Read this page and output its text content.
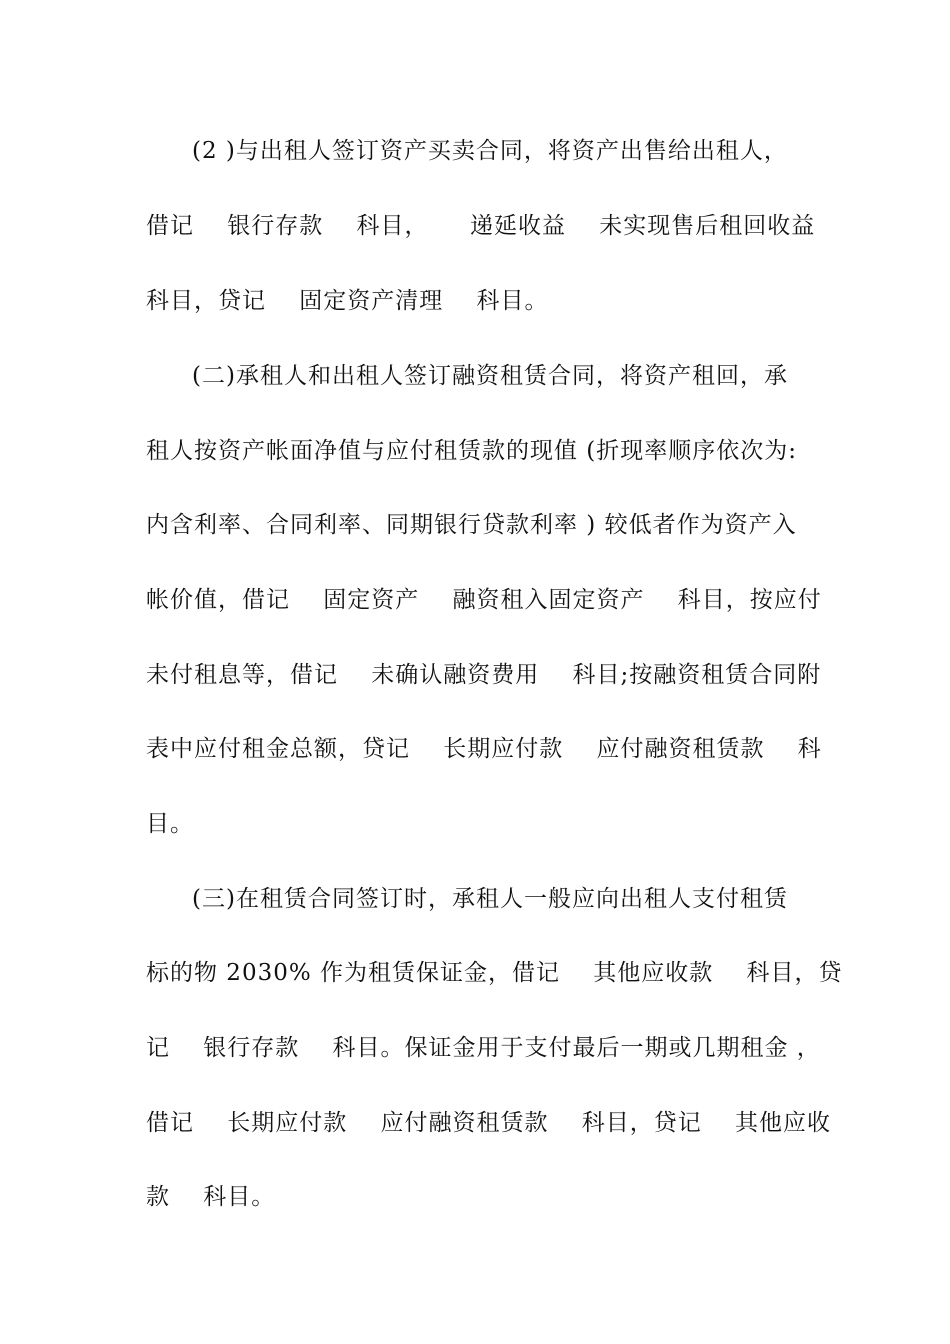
(2 )与出租人签订资产买卖合同，将资产出售给出租人，
借记    银行存款    科目，     递延收益    未实现售后租回收益
科目，贷记    固定资产清理    科目。
(二)承租人和出租人签订融资租赁合同，将资产租回，承
租人按资产帐面净值与应付租赁款的现值 (折现率顺序依次为:
内含利率、合同利率、同期银行贷款利率 ) 较低者作为资产入
帐价值，借记    固定资产    融资租入固定资产    科目，按应付
未付租息等，借记    未确认融资费用    科目;按融资租赁合同附
表中应付租金总额，贷记    长期应付款    应付融资租赁款    科
目。
(三)在租赁合同签订时，承租人一般应向出租人支付租赁
标的物 2030% 作为租赁保证金，借记    其他应收款    科目，贷
记    银行存款    科目。保证金用于支付最后一期或几期租金 ，
借记    长期应付款    应付融资租赁款    科目，贷记    其他应收
款    科目。
